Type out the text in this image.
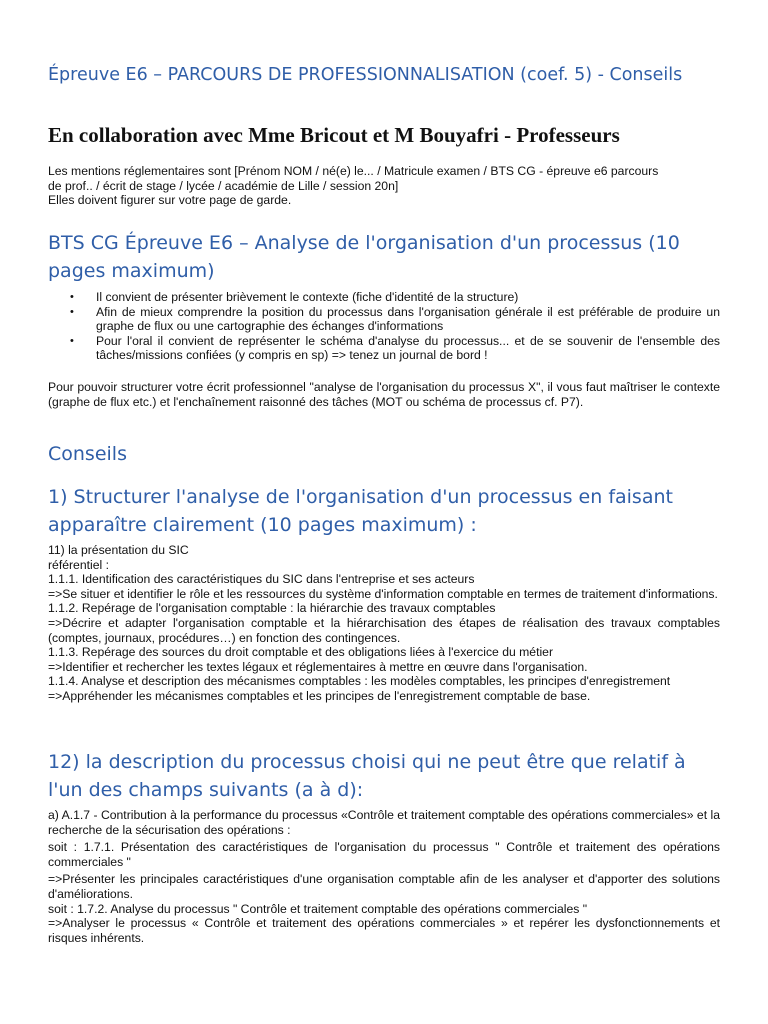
Épreuve E6 – PARCOURS DE PROFESSIONNALISATION (coef. 5) - Conseils
En collaboration avec Mme Bricout et M Bouyafri - Professeurs
Les mentions réglementaires sont [Prénom NOM / né(e) le... / Matricule examen / BTS CG - épreuve e6 parcours
de prof.. / écrit de stage / lycée / académie de Lille / session 20n]
Elles doivent figurer sur votre page de garde.
BTS CG Épreuve E6 – Analyse de l'organisation d'un processus (10 pages maximum)
• Il convient de présenter brièvement le contexte (fiche d'identité de la structure)
• Afin de mieux comprendre la position du processus dans l'organisation générale il est préférable de produire un graphe de flux ou une cartographie des échanges d'informations
• Pour l'oral il convient de représenter le schéma d'analyse du processus... et de se souvenir de l'ensemble des tâches/missions confiées (y compris en sp) => tenez un journal de bord !

Pour pouvoir structurer votre écrit professionnel "analyse de l'organisation du processus X", il vous faut maîtriser le contexte (graphe de flux etc.) et l'enchaînement raisonné des tâches (MOT ou schéma de processus cf. P7).

Conseils
1) Structurer l'analyse de l'organisation d'un processus en faisant apparaître clairement (10 pages maximum) :
11) la présentation du SIC
référentiel :
1.1.1. Identification des caractéristiques du SIC dans l'entreprise et ses acteurs
=>Se situer et identifier le rôle et les ressources du système d'information comptable en termes de traitement d'informations.
1.1.2. Repérage de l'organisation comptable : la hiérarchie des travaux comptables
=>Décrire et adapter l'organisation comptable et la hiérarchisation des étapes de réalisation des travaux comptables (comptes, journaux, procédures…) en fonction des contingences.
1.1.3. Repérage des sources du droit comptable et des obligations liées à l'exercice du métier
=>Identifier et rechercher les textes légaux et réglementaires à mettre en œuvre dans l'organisation.
1.1.4. Analyse et description des mécanismes comptables : les modèles comptables, les principes d'enregistrement
=>Appréhender les mécanismes comptables et les principes de l'enregistrement comptable de base.
12) la description du processus choisi qui ne peut être que relatif à l'un des champs suivants (a à d):

a) A.1.7 - Contribution à la performance du processus «Contrôle et traitement comptable des opérations commerciales» et la recherche de la sécurisation des opérations :

soit : 1.7.1. Présentation des caractéristiques de l'organisation du processus " Contrôle et traitement des opérations commerciales "

=>Présenter les principales caractéristiques d'une organisation comptable afin de les analyser et d'apporter des solutions d'améliorations.

soit : 1.7.2. Analyse du processus " Contrôle et traitement comptable des opérations commerciales "

=>Analyser le processus « Contrôle et traitement des opérations commerciales » et repérer les dysfonctionnements et risques inhérents.
